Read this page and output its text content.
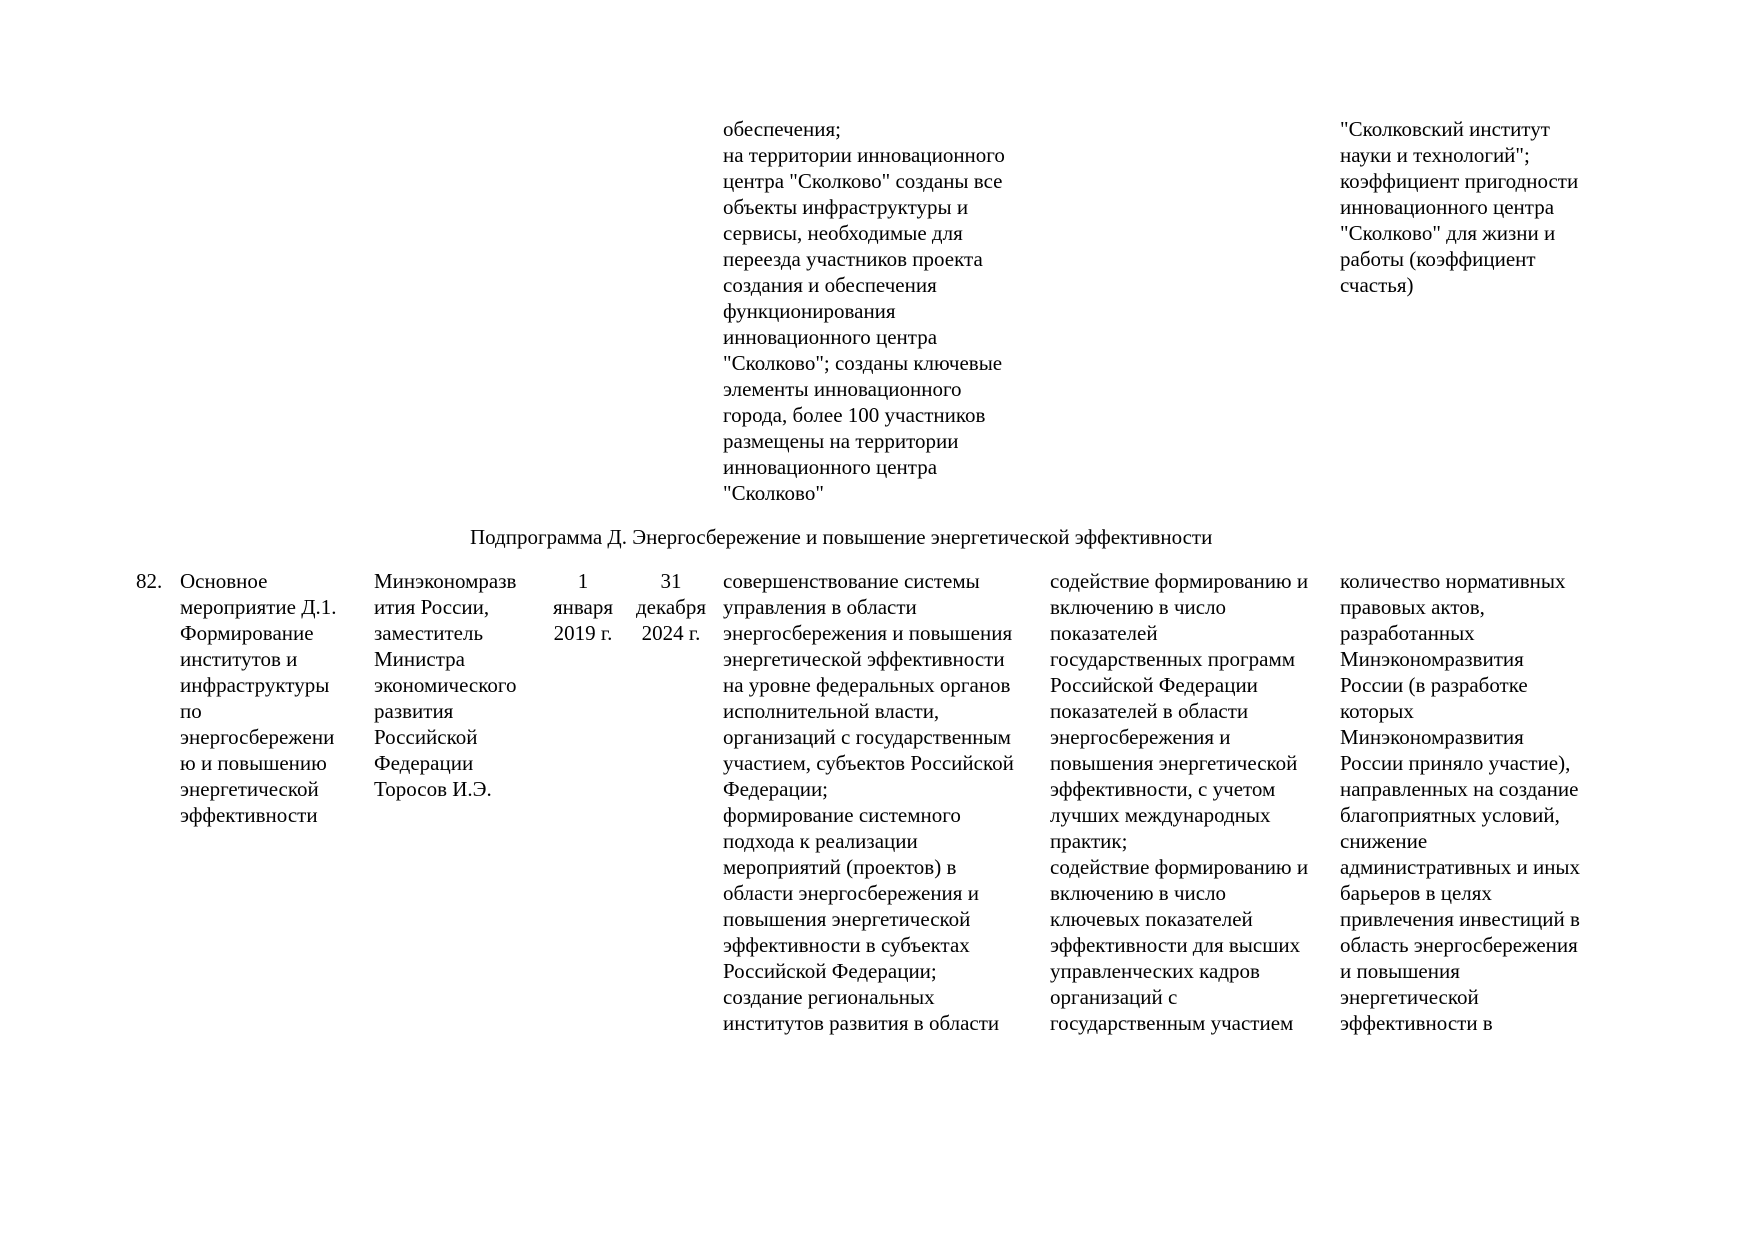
обеспечения;
на территории инновационного
центра "Сколково" созданы все
объекты инфраструктуры и
сервисы, необходимые для
переезда участников проекта
создания и обеспечения
функционирования
инновационного центра
"Сколково"; созданы ключевые
элементы инновационного
города, более 100 участников
размещены на территории
инновационного центра
"Сколково"
"Сколковский институт
науки и технологий";
коэффициент пригодности
инновационного центра
"Сколково" для жизни и
работы (коэффициент
счастья)
Подпрограмма Д. Энергосбережение и повышение энергетической эффективности
82. Основное
мероприятие Д.1.
Формирование
институтов и
инфраструктуры
по
энергосбережени
ю и повышению
энергетической
эффективности
Минэкономразв
ития России,
заместитель
Министра
экономического
развития
Российской
Федерации
Торосов И.Э.
1
января
2019 г.
31
декабря
2024 г.
совершенствование системы
управления в области
энергосбережения и повышения
энергетической эффективности
на уровне федеральных органов
исполнительной власти,
организаций с государственным
участием, субъектов Российской
Федерации;
формирование системного
подхода к реализации
мероприятий (проектов) в
области энергосбережения и
повышения энергетической
эффективности в субъектах
Российской Федерации;
создание региональных
институтов развития в области
содействие формированию и
включению в число
показателей
государственных программ
Российской Федерации
показателей в области
энергосбережения и
повышения энергетической
эффективности, с учетом
лучших международных
практик;
содействие формированию и
включению в число
ключевых показателей
эффективности для высших
управленческих кадров
организаций с
государственным участием
количество нормативных
правовых актов,
разработанных
Минэкономразвития
России (в разработке
которых
Минэкономразвития
России приняло участие),
направленных на создание
благоприятных условий,
снижение
административных и иных
барьеров в целях
привлечения инвестиций в
область энергосбережения
и повышения
энергетической
эффективности в
